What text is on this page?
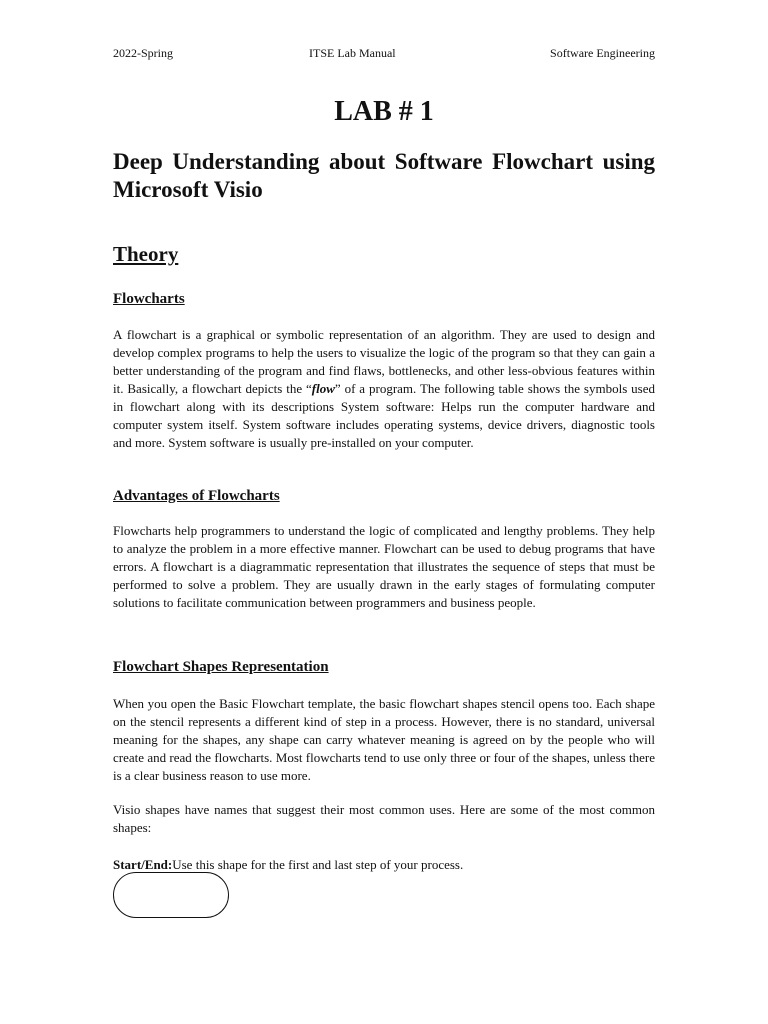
2022-Spring	ITSE Lab Manual	Software Engineering
LAB # 1
Deep Understanding about Software Flowchart using Microsoft Visio
Theory
Flowcharts

A flowchart is a graphical or symbolic representation of an algorithm. They are used to design and develop complex programs to help the users to visualize the logic of the program so that they can gain a better understanding of the program and find flaws, bottlenecks, and other less-obvious features within it. Basically, a flowchart depicts the “flow” of a program. The following table shows the symbols used in flowchart along with its descriptions System software: Helps run the computer hardware and computer system itself. System software includes operating systems, device drivers, diagnostic tools and more. System software is usually pre-installed on your computer.

Advantages of Flowcharts

Flowcharts help programmers to understand the logic of complicated and lengthy problems. They help to analyze the problem in a more effective manner. Flowchart can be used to debug programs that have errors. A flowchart is a diagrammatic representation that illustrates the sequence of steps that must be performed to solve a problem. They are usually drawn in the early stages of formulating computer solutions to facilitate communication between programmers and business people.

Flowchart Shapes Representation

When you open the Basic Flowchart template, the basic flowchart shapes stencil opens too. Each shape on the stencil represents a different kind of step in a process. However, there is no standard, universal meaning for the shapes, any shape can carry whatever meaning is agreed on by the people who will create and read the flowcharts. Most flowcharts tend to use only three or four of the shapes, unless there is a clear business reason to use more.

Visio shapes have names that suggest their most common uses. Here are some of the most common shapes:

Start/End:Use this shape for the first and last step of your process.
